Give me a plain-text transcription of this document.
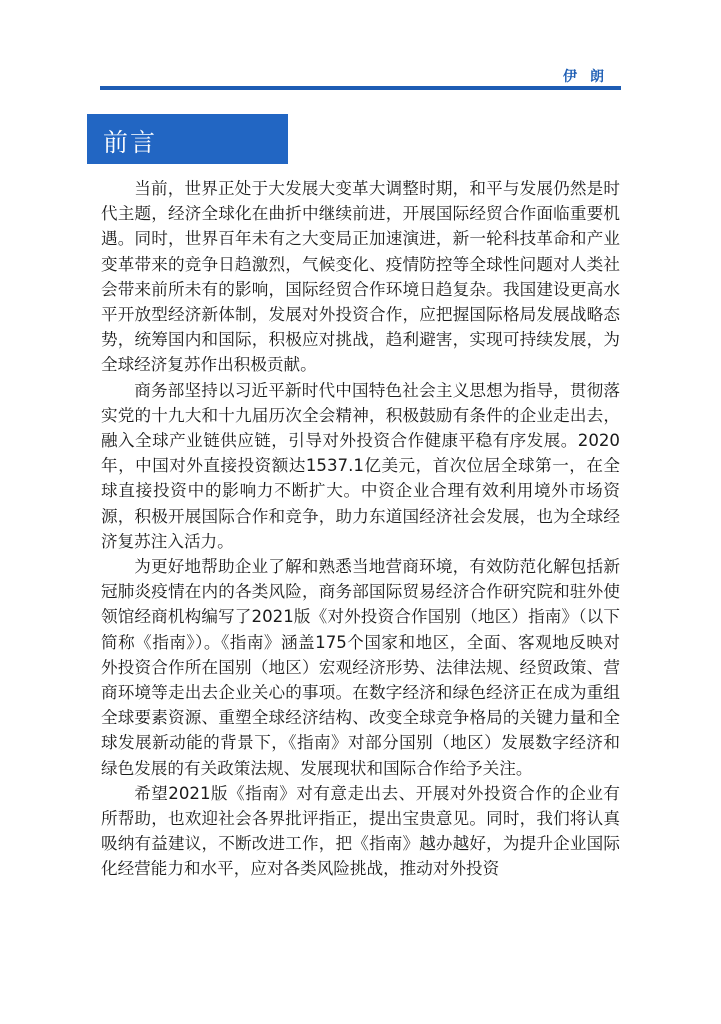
伊朗
前言

当前，世界正处于大发展大变革大调整时期，和平与发展仍然是时代主题，经济全球化在曲折中继续前进，开展国际经贸合作面临重要机遇。同时，世界百年未有之大变局正加速演进，新一轮科技革命和产业变革带来的竞争日趋激烈，气候变化、疫情防控等全球性问题对人类社会带来前所未有的影响，国际经贸合作环境日趋复杂。我国建设更高水平开放型经济新体制，发展对外投资合作，应把握国际格局发展战略态势，统筹国内和国际，积极应对挑战，趋利避害，实现可持续发展，为全球经济复苏作出积极贡献。

商务部坚持以习近平新时代中国特色社会主义思想为指导，贯彻落实党的十九大和十九届历次全会精神，积极鼓励有条件的企业走出去，融入全球产业链供应链，引导对外投资合作健康平稳有序发展。2020年，中国对外直接投资额达1537.1亿美元，首次位居全球第一，在全球直接投资中的影响力不断扩大。中资企业合理有效利用境外市场资源，积极开展国际合作和竞争，助力东道国经济社会发展，也为全球经济复苏注入活力。

为更好地帮助企业了解和熟悉当地营商环境，有效防范化解包括新冠肺炎疫情在内的各类风险，商务部国际贸易经济合作研究院和驻外使领馆经商机构编写了2021版《对外投资合作国别（地区）指南》（以下简称《指南》）。《指南》涵盖175个国家和地区，全面、客观地反映对外投资合作所在国别（地区）宏观经济形势、法律法规、经贸政策、营商环境等走出去企业关心的事项。在数字经济和绿色经济正在成为重组全球要素资源、重塑全球经济结构、改变全球竞争格局的关键力量和全球发展新动能的背景下，《指南》对部分国别（地区）发展数字经济和绿色发展的有关政策法规、发展现状和国际合作给予关注。

希望2021版《指南》对有意走出去、开展对外投资合作的企业有所帮助，也欢迎社会各界批评指正，提出宝贵意见。同时，我们将认真吸纳有益建议，不断改进工作，把《指南》越办越好，为提升企业国际化经营能力和水平，应对各类风险挑战，推动对外投资
